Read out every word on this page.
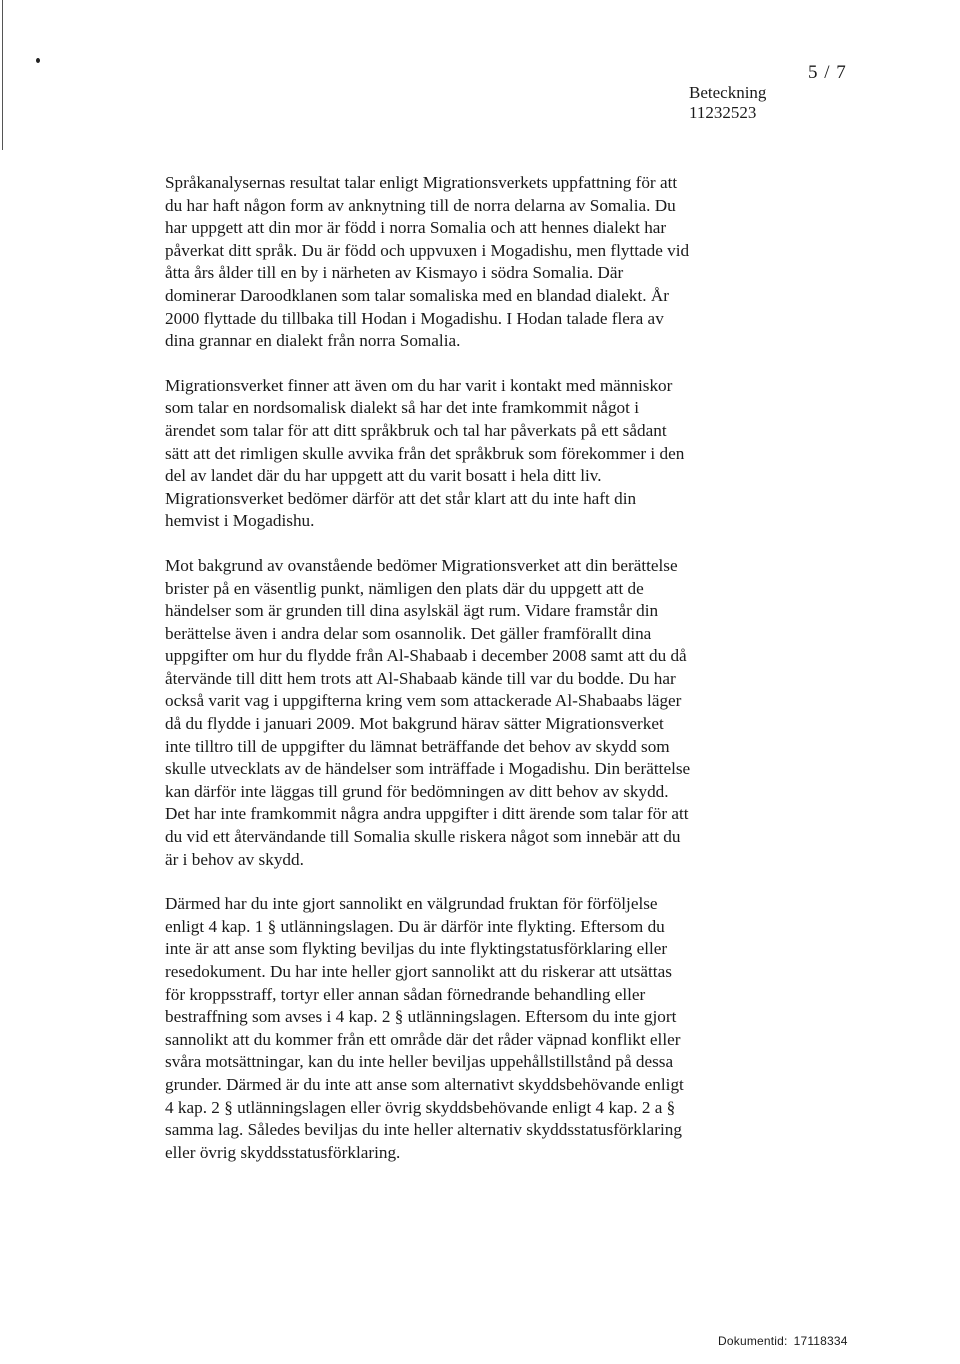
5 / 7
Beteckning
11232523

Språkanalysernas resultat talar enligt Migrationsverkets uppfattning för att
du har haft någon form av anknytning till de norra delarna av Somalia. Du
har uppgett att din mor är född i norra Somalia och att hennes dialekt har
påverkat ditt språk. Du är född och uppvuxen i Mogadishu, men flyttade vid
åtta års ålder till en by i närheten av Kismayo i södra Somalia. Där
dominerar Daroodklanen som talar somaliska med en blandad dialekt. År
2000 flyttade du tillbaka till Hodan i Mogadishu. I Hodan talade flera av
dina grannar en dialekt från norra Somalia.

Migrationsverket finner att även om du har varit i kontakt med människor
som talar en nordsomalisk dialekt så har det inte framkommit något i
ärendet som talar för att ditt språkbruk och tal har påverkats på ett sådant
sätt att det rimligen skulle avvika från det språkbruk som förekommer i den
del av landet där du har uppgett att du varit bosatt i hela ditt liv.
Migrationsverket bedömer därför att det står klart att du inte haft din
hemvist i Mogadishu.

Mot bakgrund av ovanstående bedömer Migrationsverket att din berättelse
brister på en väsentlig punkt, nämligen den plats där du uppgett att de
händelser som är grunden till dina asylskäl ägt rum. Vidare framstår din
berättelse även i andra delar som osannolik. Det gäller framförallt dina
uppgifter om hur du flydde från Al-Shabaab i december 2008 samt att du då
återvände till ditt hem trots att Al-Shabaab kände till var du bodde. Du har
också varit vag i uppgifterna kring vem som attackerade Al-Shabaabs läger
då du flydde i januari 2009. Mot bakgrund härav sätter Migrationsverket
inte tilltro till de uppgifter du lämnat beträffande det behov av skydd som
skulle utvecklats av de händelser som inträffade i Mogadishu. Din berättelse
kan därför inte läggas till grund för bedömningen av ditt behov av skydd.
Det har inte framkommit några andra uppgifter i ditt ärende som talar för att
du vid ett återvändande till Somalia skulle riskera något som innebär att du
är i behov av skydd.

Därmed har du inte gjort sannolikt en välgrundad fruktan för förföljelse
enligt 4 kap. 1 § utlänningslagen. Du är därför inte flykting. Eftersom du
inte är att anse som flykting beviljas du inte flyktingstatusförklaring eller
resedokument. Du har inte heller gjort sannolikt att du riskerar att utsättas
för kroppsstraff, tortyr eller annan sådan förnedrande behandling eller
bestraffning som avses i 4 kap. 2 § utlänningslagen. Eftersom du inte gjort
sannolikt att du kommer från ett område där det råder väpnad konflikt eller
svåra motsättningar, kan du inte heller beviljas uppehållstillstånd på dessa
grunder. Därmed är du inte att anse som alternativt skyddsbehövande enligt
4 kap. 2 § utlänningslagen eller övrig skyddsbehövande enligt 4 kap. 2 a §
samma lag. Således beviljas du inte heller alternativ skyddsstatusförklaring
eller övrig skyddsstatusförklaring.

Dokumentid: 17118334
